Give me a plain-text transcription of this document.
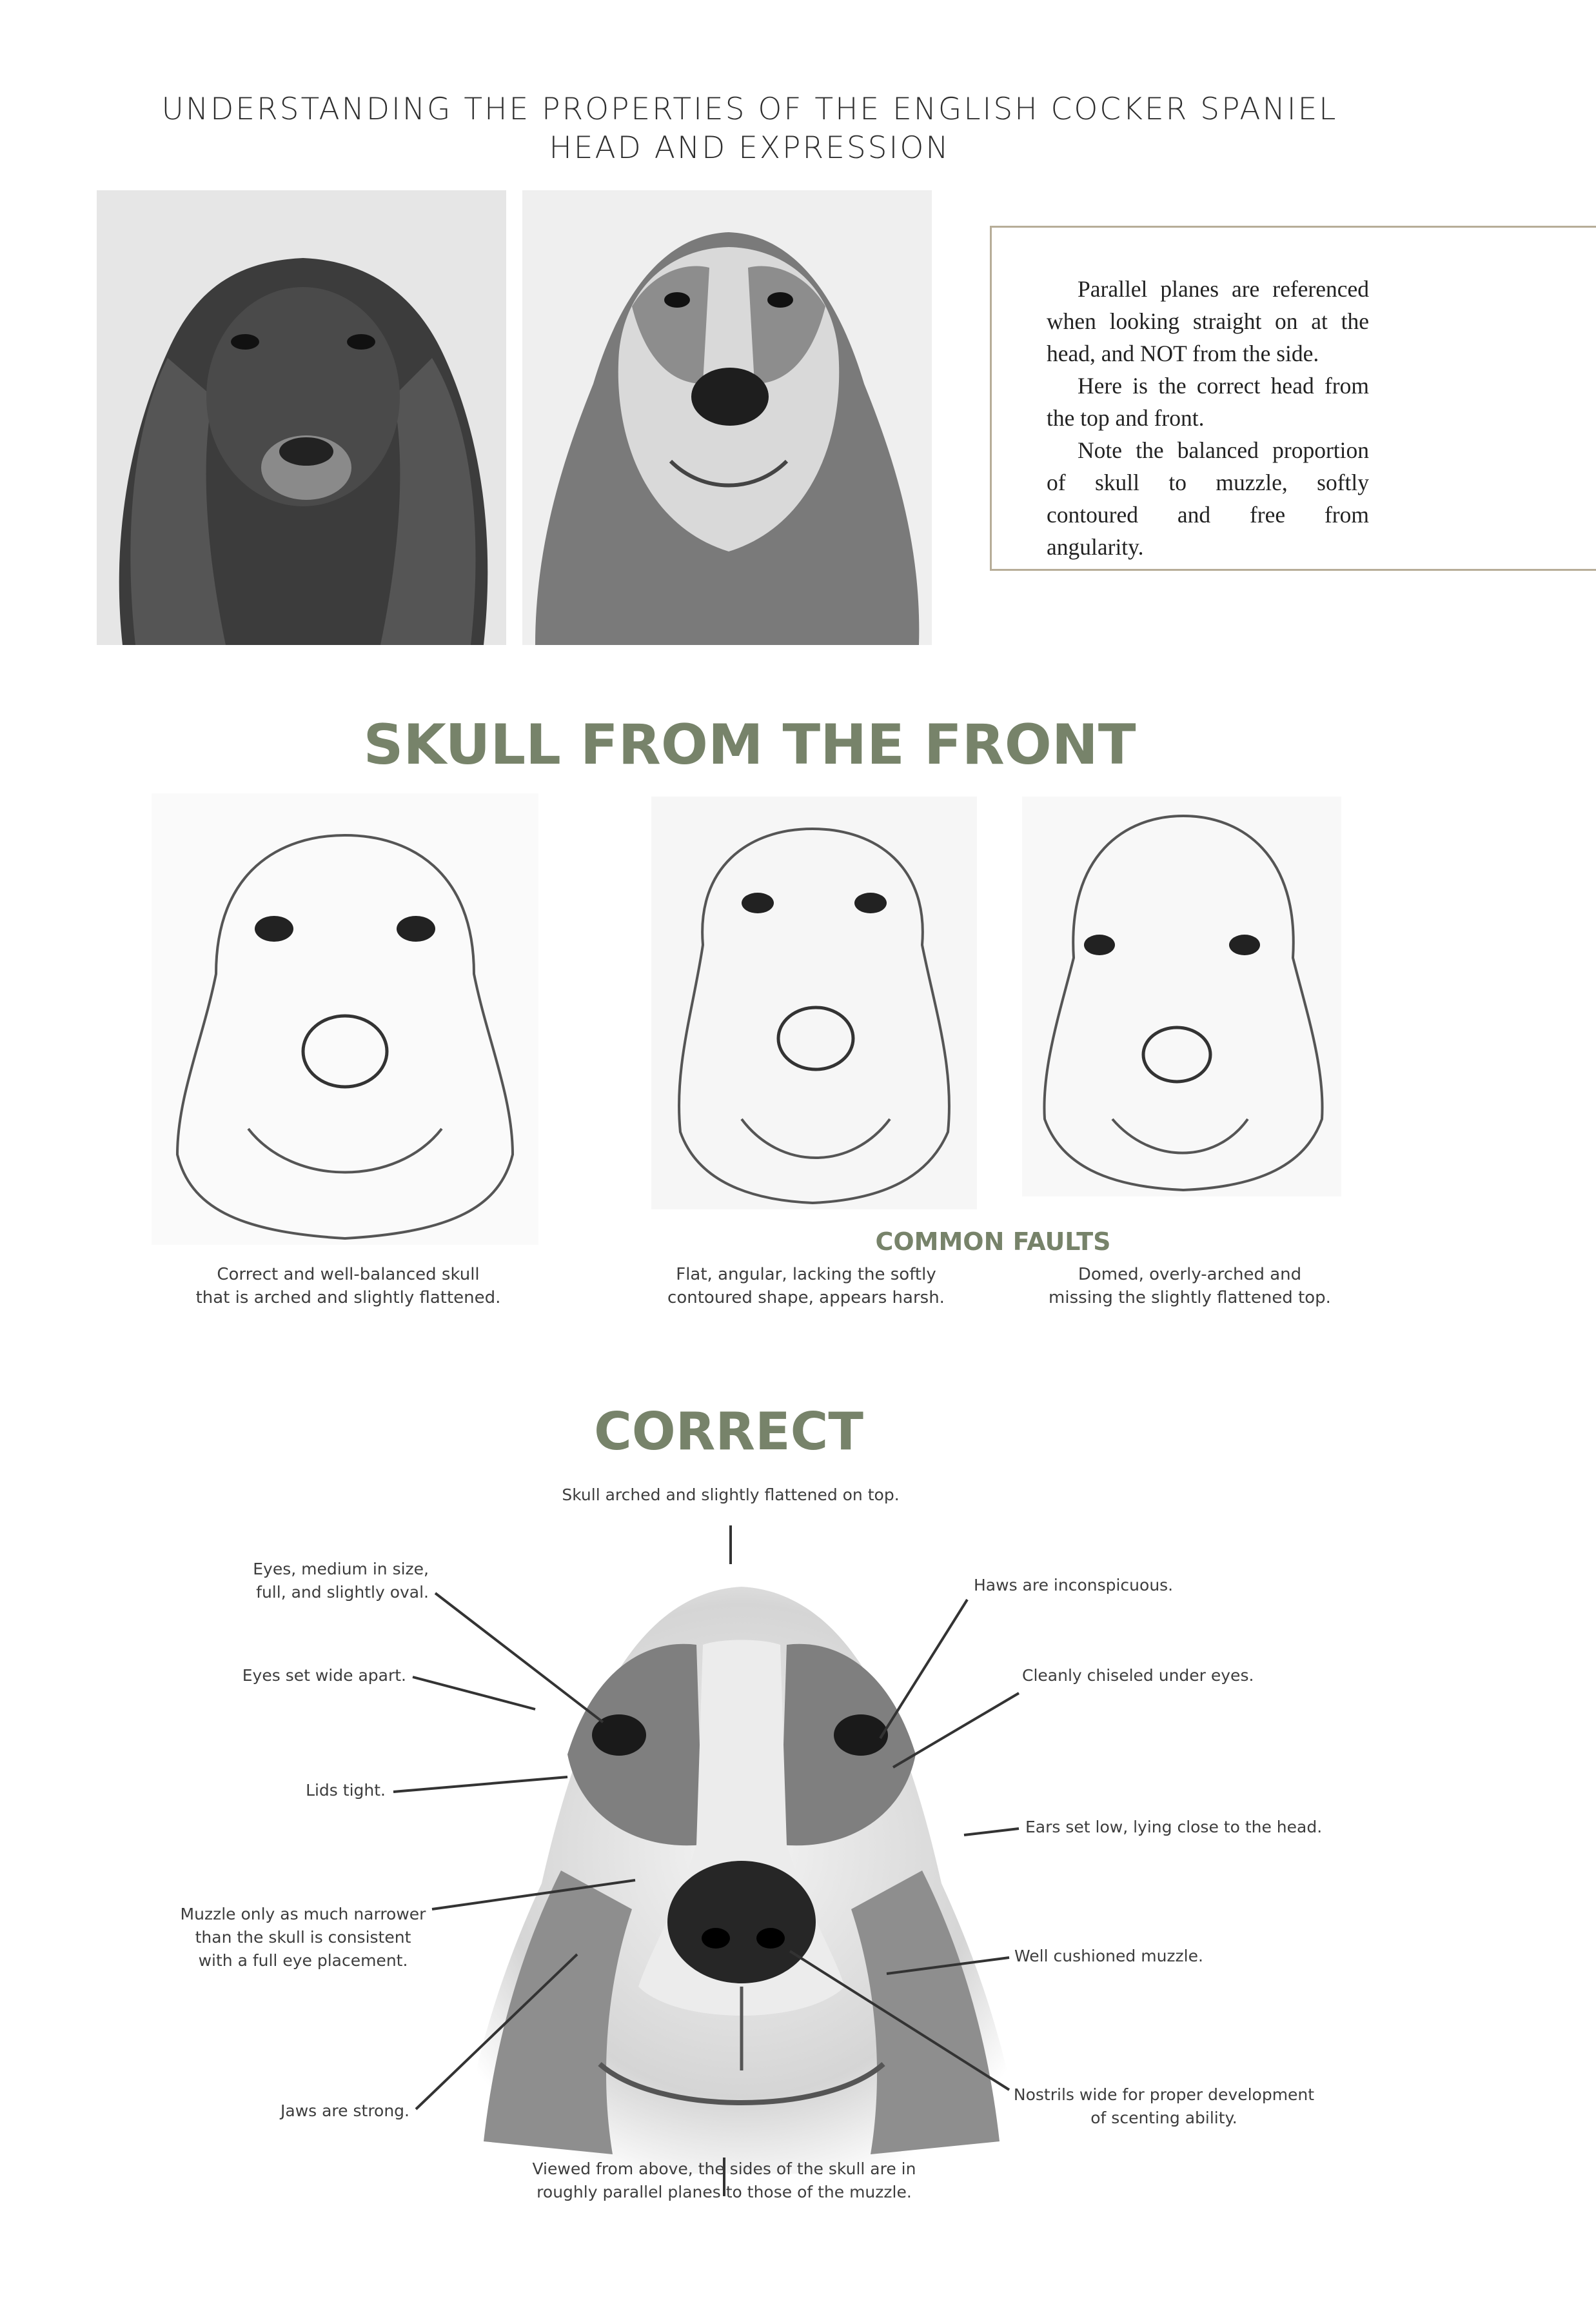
UNDERSTANDING THE PROPERTIES OF THE ENGLISH COCKER SPANIEL
HEAD AND EXPRESSION

Parallel planes are referenced when looking straight on at the head, and NOT from the side.

Here is the correct head from the top and front.

Note the balanced proportion of skull to muzzle, softly contoured and free from angularity.

SKULL FROM THE FRONT
COMMON FAULTS
Correct and well-balanced skull
that is arched and slightly flattened.
Flat, angular, lacking the softly
contoured shape, appears harsh.
Domed, overly-arched and
missing the slightly flattened top.
CORRECT
Skull arched and slightly flattened on top.
Eyes, medium in size,
full, and slightly oval.	Haws are inconspicuous.
Eyes set wide apart.	Cleanly chiseled under eyes.
Lids tight.
Ears set low, lying close to the head.
Muzzle only as much narrower
than the skull is consistent
with a full eye placement.	Well cushioned muzzle.
Jaws are strong.
Nostrils wide for proper development
of scenting ability.
Viewed from above, the sides of the skull are in
roughly parallel planes to those of the muzzle.
